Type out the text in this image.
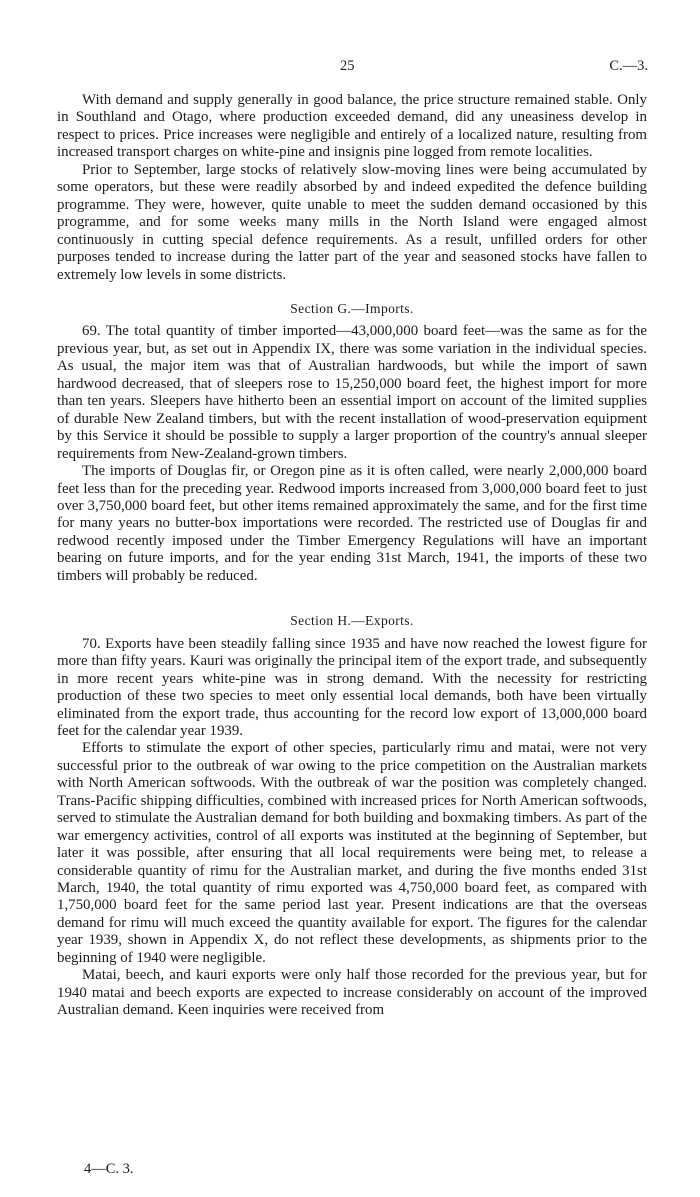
25	C.—3.

With demand and supply generally in good balance, the price structure remained stable. Only in Southland and Otago, where production exceeded demand, did any uneasiness develop in respect to prices. Price increases were negligible and entirely of a localized nature, resulting from increased transport charges on white-pine and insignis pine logged from remote localities.

Prior to September, large stocks of relatively slow-moving lines were being accumulated by some operators, but these were readily absorbed by and indeed expedited the defence building programme. They were, however, quite unable to meet the sudden demand occasioned by this programme, and for some weeks many mills in the North Island were engaged almost continuously in cutting special defence requirements. As a result, unfilled orders for other purposes tended to increase during the latter part of the year and seasoned stocks have fallen to extremely low levels in some districts.

Section G.—Imports.

69. The total quantity of timber imported—43,000,000 board feet—was the same as for the previous year, but, as set out in Appendix IX, there was some variation in the individual species. As usual, the major item was that of Australian hardwoods, but while the import of sawn hardwood decreased, that of sleepers rose to 15,250,000 board feet, the highest import for more than ten years. Sleepers have hitherto been an essential import on account of the limited supplies of durable New Zealand timbers, but with the recent installation of wood-preservation equipment by this Service it should be possible to supply a larger proportion of the country's annual sleeper requirements from New-Zealand-grown timbers.

The imports of Douglas fir, or Oregon pine as it is often called, were nearly 2,000,000 board feet less than for the preceding year. Redwood imports increased from 3,000,000 board feet to just over 3,750,000 board feet, but other items remained approximately the same, and for the first time for many years no butter-box importations were recorded. The restricted use of Douglas fir and redwood recently imposed under the Timber Emergency Regulations will have an important bearing on future imports, and for the year ending 31st March, 1941, the imports of these two timbers will probably be reduced.

Section H.—Exports.

70. Exports have been steadily falling since 1935 and have now reached the lowest figure for more than fifty years. Kauri was originally the principal item of the export trade, and subsequently in more recent years white-pine was in strong demand. With the necessity for restricting production of these two species to meet only essential local demands, both have been virtually eliminated from the export trade, thus accounting for the record low export of 13,000,000 board feet for the calendar year 1939.

Efforts to stimulate the export of other species, particularly rimu and matai, were not very successful prior to the outbreak of war owing to the price competition on the Australian markets with North American softwoods. With the outbreak of war the position was completely changed. Trans-Pacific shipping difficulties, combined with increased prices for North American softwoods, served to stimulate the Australian demand for both building and boxmaking timbers. As part of the war emergency activities, control of all exports was instituted at the beginning of September, but later it was possible, after ensuring that all local requirements were being met, to release a considerable quantity of rimu for the Australian market, and during the five months ended 31st March, 1940, the total quantity of rimu exported was 4,750,000 board feet, as compared with 1,750,000 board feet for the same period last year. Present indications are that the overseas demand for rimu will much exceed the quantity available for export. The figures for the calendar year 1939, shown in Appendix X, do not reflect these developments, as shipments prior to the beginning of 1940 were negligible.

Matai, beech, and kauri exports were only half those recorded for the previous year, but for 1940 matai and beech exports are expected to increase considerably on account of the improved Australian demand. Keen inquiries were received from

4—C. 3.
